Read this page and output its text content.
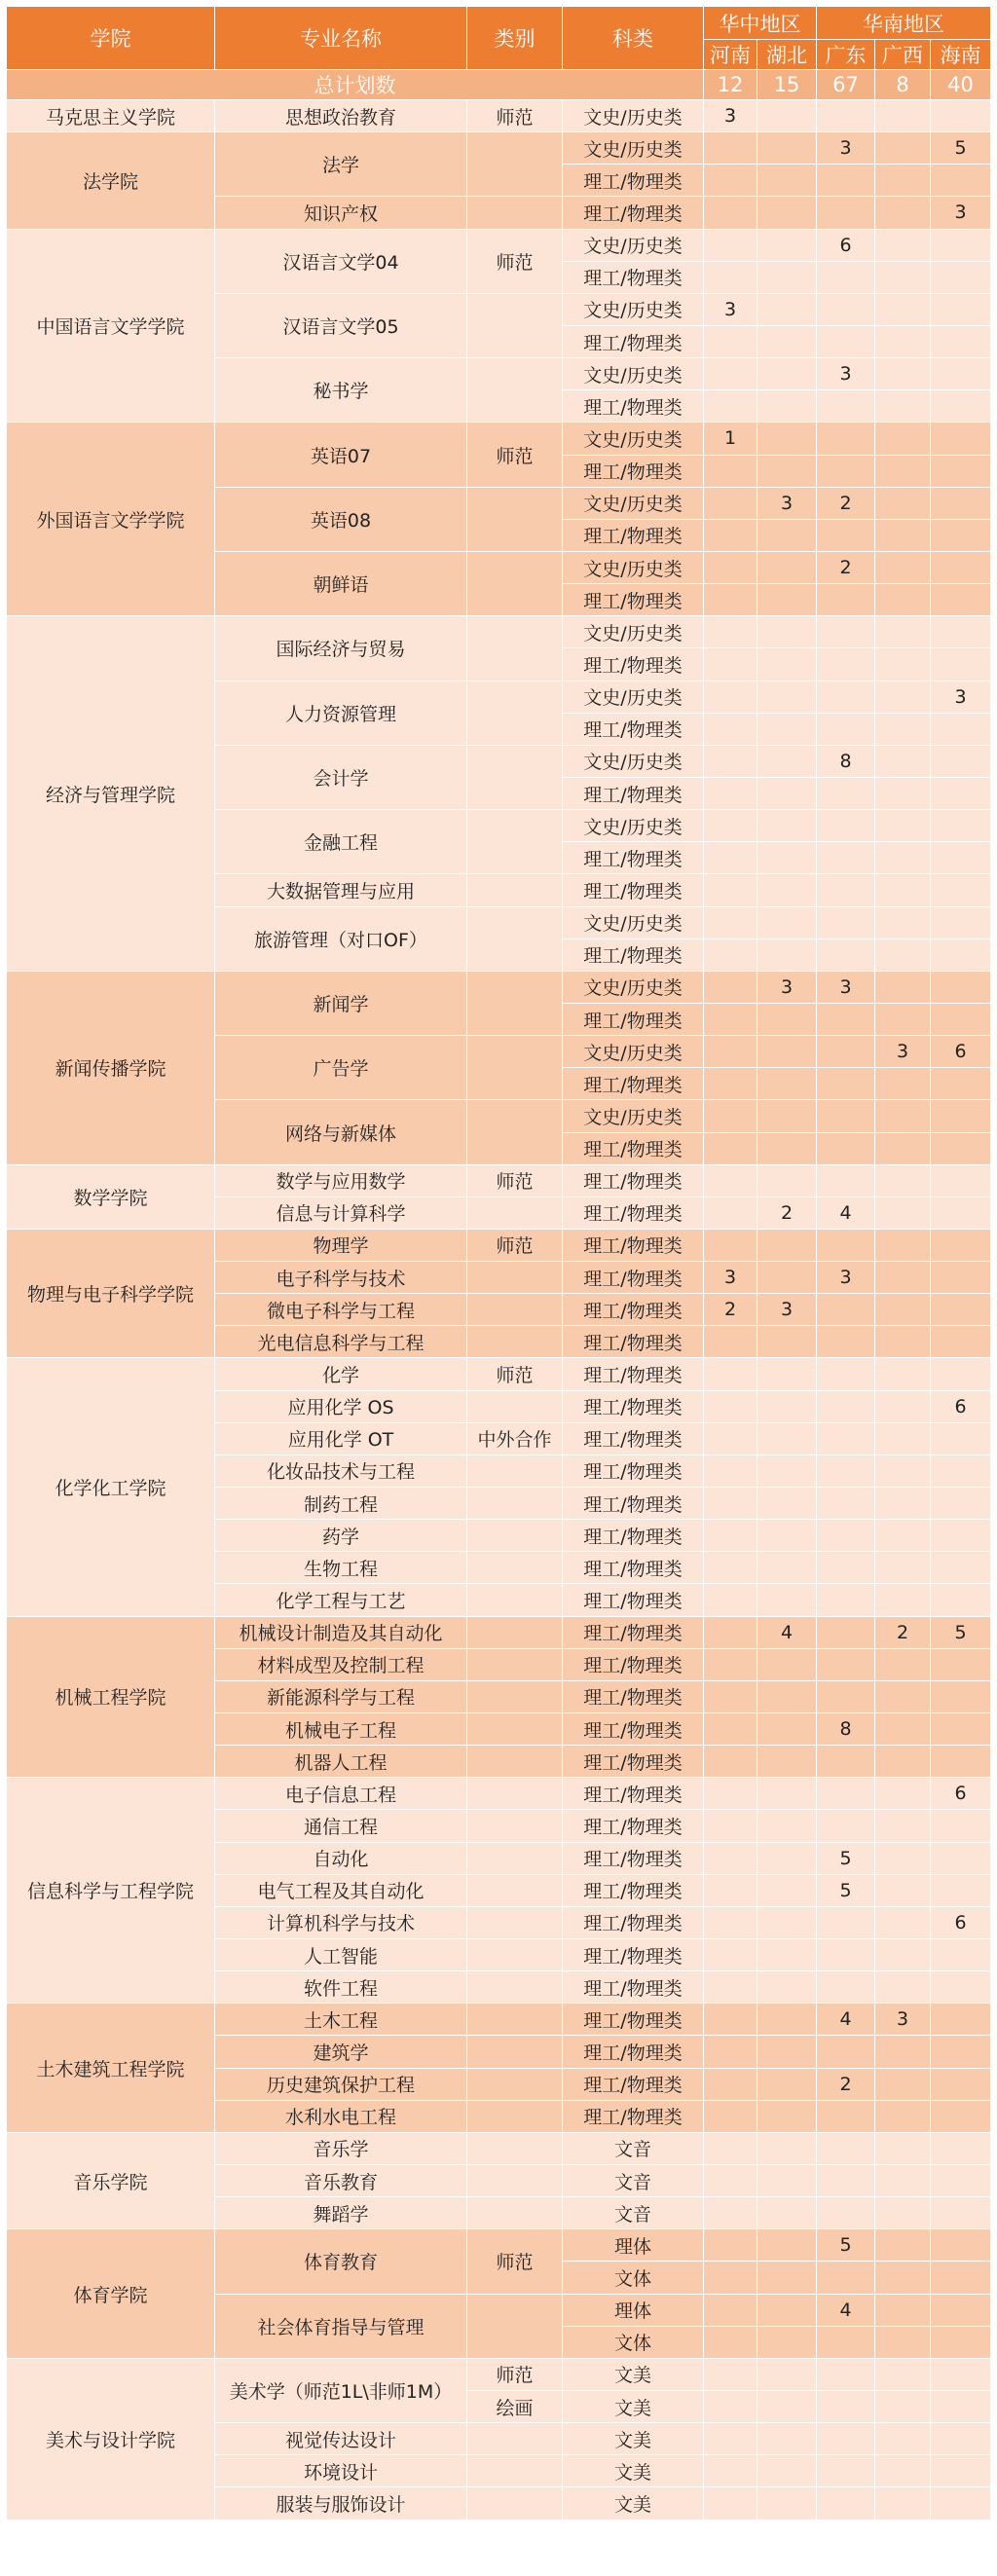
学院	专业名称	类别	科类	华中地区		华南地区		
				河南	湖北	广东	广西	海南
总计划数				12	15	67	8	40
马克思主义学院	思想政治教育	师范	文史/历史类	3				
法学院	法学		文史/历史类			3		5
			理工/物理类					
	知识产权		理工/物理类					3
中国语言文学学院	汉语言文学04	师范	文史/历史类			6		
			理工/物理类					
	汉语言文学05		文史/历史类	3				
			理工/物理类					
	秘书学		文史/历史类			3		
			理工/物理类					
外国语言文学学院	英语07	师范	文史/历史类	1				
			理工/物理类					
	英语08		文史/历史类		3	2		
			理工/物理类					
	朝鲜语		文史/历史类			2		
			理工/物理类					
经济与管理学院	国际经济与贸易		文史/历史类					
			理工/物理类					
	人力资源管理		文史/历史类					3
			理工/物理类					
	会计学		文史/历史类			8		
			理工/物理类					
	金融工程		文史/历史类					
			理工/物理类					
	大数据管理与应用		理工/物理类					
	旅游管理（对口OF）		文史/历史类					
			理工/物理类					
新闻传播学院	新闻学		文史/历史类		3	3		
			理工/物理类					
	广告学		文史/历史类				3	6
			理工/物理类					
	网络与新媒体		文史/历史类					
			理工/物理类					
数学学院	数学与应用数学	师范	理工/物理类					
	信息与计算科学		理工/物理类		2	4		
物理与电子科学学院	物理学	师范	理工/物理类					
	电子科学与技术		理工/物理类	3		3		
	微电子科学与工程		理工/物理类	2	3			
	光电信息科学与工程		理工/物理类					
化学化工学院	化学	师范	理工/物理类					
	应用化学 OS		理工/物理类					6
	应用化学 OT	中外合作	理工/物理类					
	化妆品技术与工程		理工/物理类					
	制药工程		理工/物理类					
	药学		理工/物理类					
	生物工程		理工/物理类					
	化学工程与工艺		理工/物理类					
机械工程学院	机械设计制造及其自动化		理工/物理类		4		2	5
	材料成型及控制工程		理工/物理类					
	新能源科学与工程		理工/物理类					
	机械电子工程		理工/物理类			8		
	机器人工程		理工/物理类					
信息科学与工程学院	电子信息工程		理工/物理类					6
	通信工程		理工/物理类					
	自动化		理工/物理类			5		
	电气工程及其自动化		理工/物理类			5		
	计算机科学与技术		理工/物理类					6
	人工智能		理工/物理类					
	软件工程		理工/物理类					
土木建筑工程学院	土木工程		理工/物理类			4	3	
	建筑学		理工/物理类					
	历史建筑保护工程		理工/物理类			2		
	水利水电工程		理工/物理类					
音乐学院	音乐学		文音					
	音乐教育		文音					
	舞蹈学		文音					
体育学院	体育教育	师范	理体			5		
			文体					
	社会体育指导与管理		理体			4		
			文体					
美术与设计学院	美术学（师范1L\非师1M）	师范	文美					
		绘画	文美					
	视觉传达设计		文美					
	环境设计		文美					
	服装与服饰设计		文美					
